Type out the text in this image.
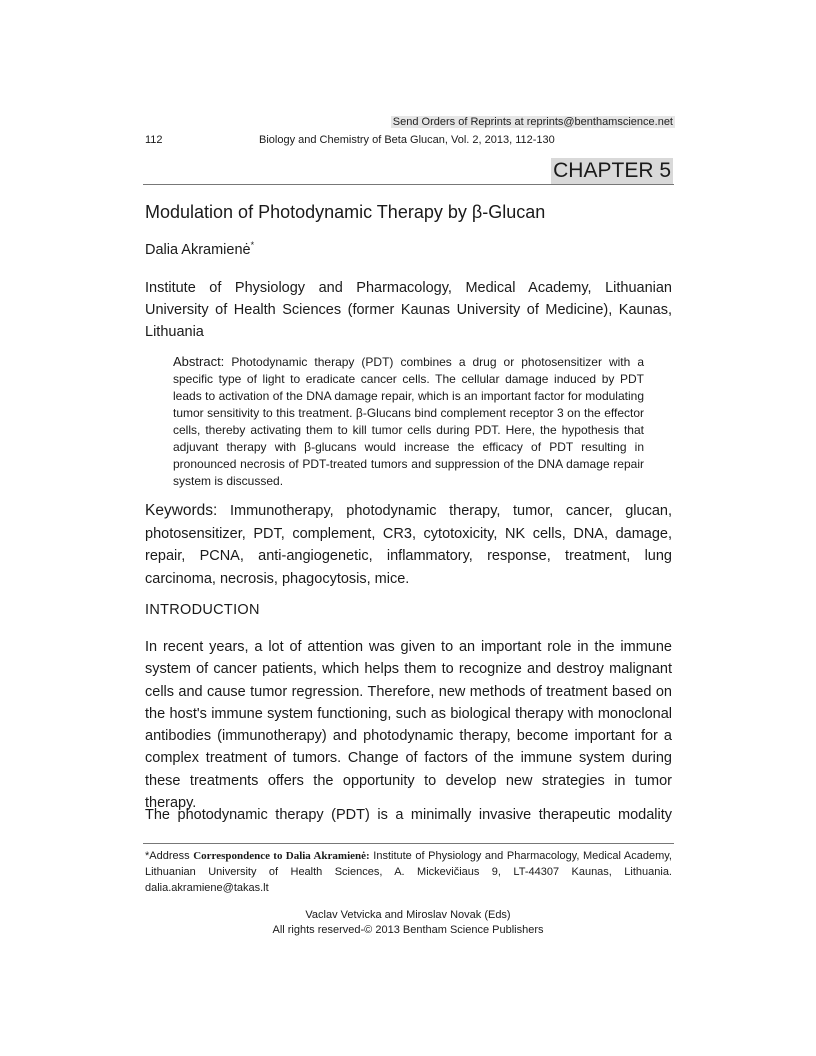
Send Orders of Reprints at reprints@benthamscience.net
112	Biology and Chemistry of Beta Glucan, Vol. 2, 2013, 112-130
CHAPTER 5
Modulation of Photodynamic Therapy by β-Glucan
Dalia Akramienė*
Institute of Physiology and Pharmacology, Medical Academy, Lithuanian University of Health Sciences (former Kaunas University of Medicine), Kaunas, Lithuania
Abstract: Photodynamic therapy (PDT) combines a drug or photosensitizer with a specific type of light to eradicate cancer cells. The cellular damage induced by PDT leads to activation of the DNA damage repair, which is an important factor for modulating tumor sensitivity to this treatment. β-Glucans bind complement receptor 3 on the effector cells, thereby activating them to kill tumor cells during PDT. Here, the hypothesis that adjuvant therapy with β-glucans would increase the efficacy of PDT resulting in pronounced necrosis of PDT-treated tumors and suppression of the DNA damage repair system is discussed.
Keywords: Immunotherapy, photodynamic therapy, tumor, cancer, glucan, photosensitizer, PDT, complement, CR3, cytotoxicity, NK cells, DNA, damage, repair, PCNA, anti-angiogenetic, inflammatory, response, treatment, lung carcinoma, necrosis, phagocytosis, mice.
INTRODUCTION
In recent years, a lot of attention was given to an important role in the immune system of cancer patients, which helps them to recognize and destroy malignant cells and cause tumor regression. Therefore, new methods of treatment based on the host's immune system functioning, such as biological therapy with monoclonal antibodies (immunotherapy) and photodynamic therapy, become important for a complex treatment of tumors. Change of factors of the immune system during these treatments offers the opportunity to develop new strategies in tumor therapy.
The photodynamic therapy (PDT) is a minimally invasive therapeutic modality
*Address Correspondence to Dalia Akramienė: Institute of Physiology and Pharmacology, Medical Academy, Lithuanian University of Health Sciences, A. Mickevičiaus 9, LT-44307 Kaunas, Lithuania. dalia.akramiene@takas.lt
Vaclav Vetvicka and Miroslav Novak (Eds)
All rights reserved-© 2013 Bentham Science Publishers
